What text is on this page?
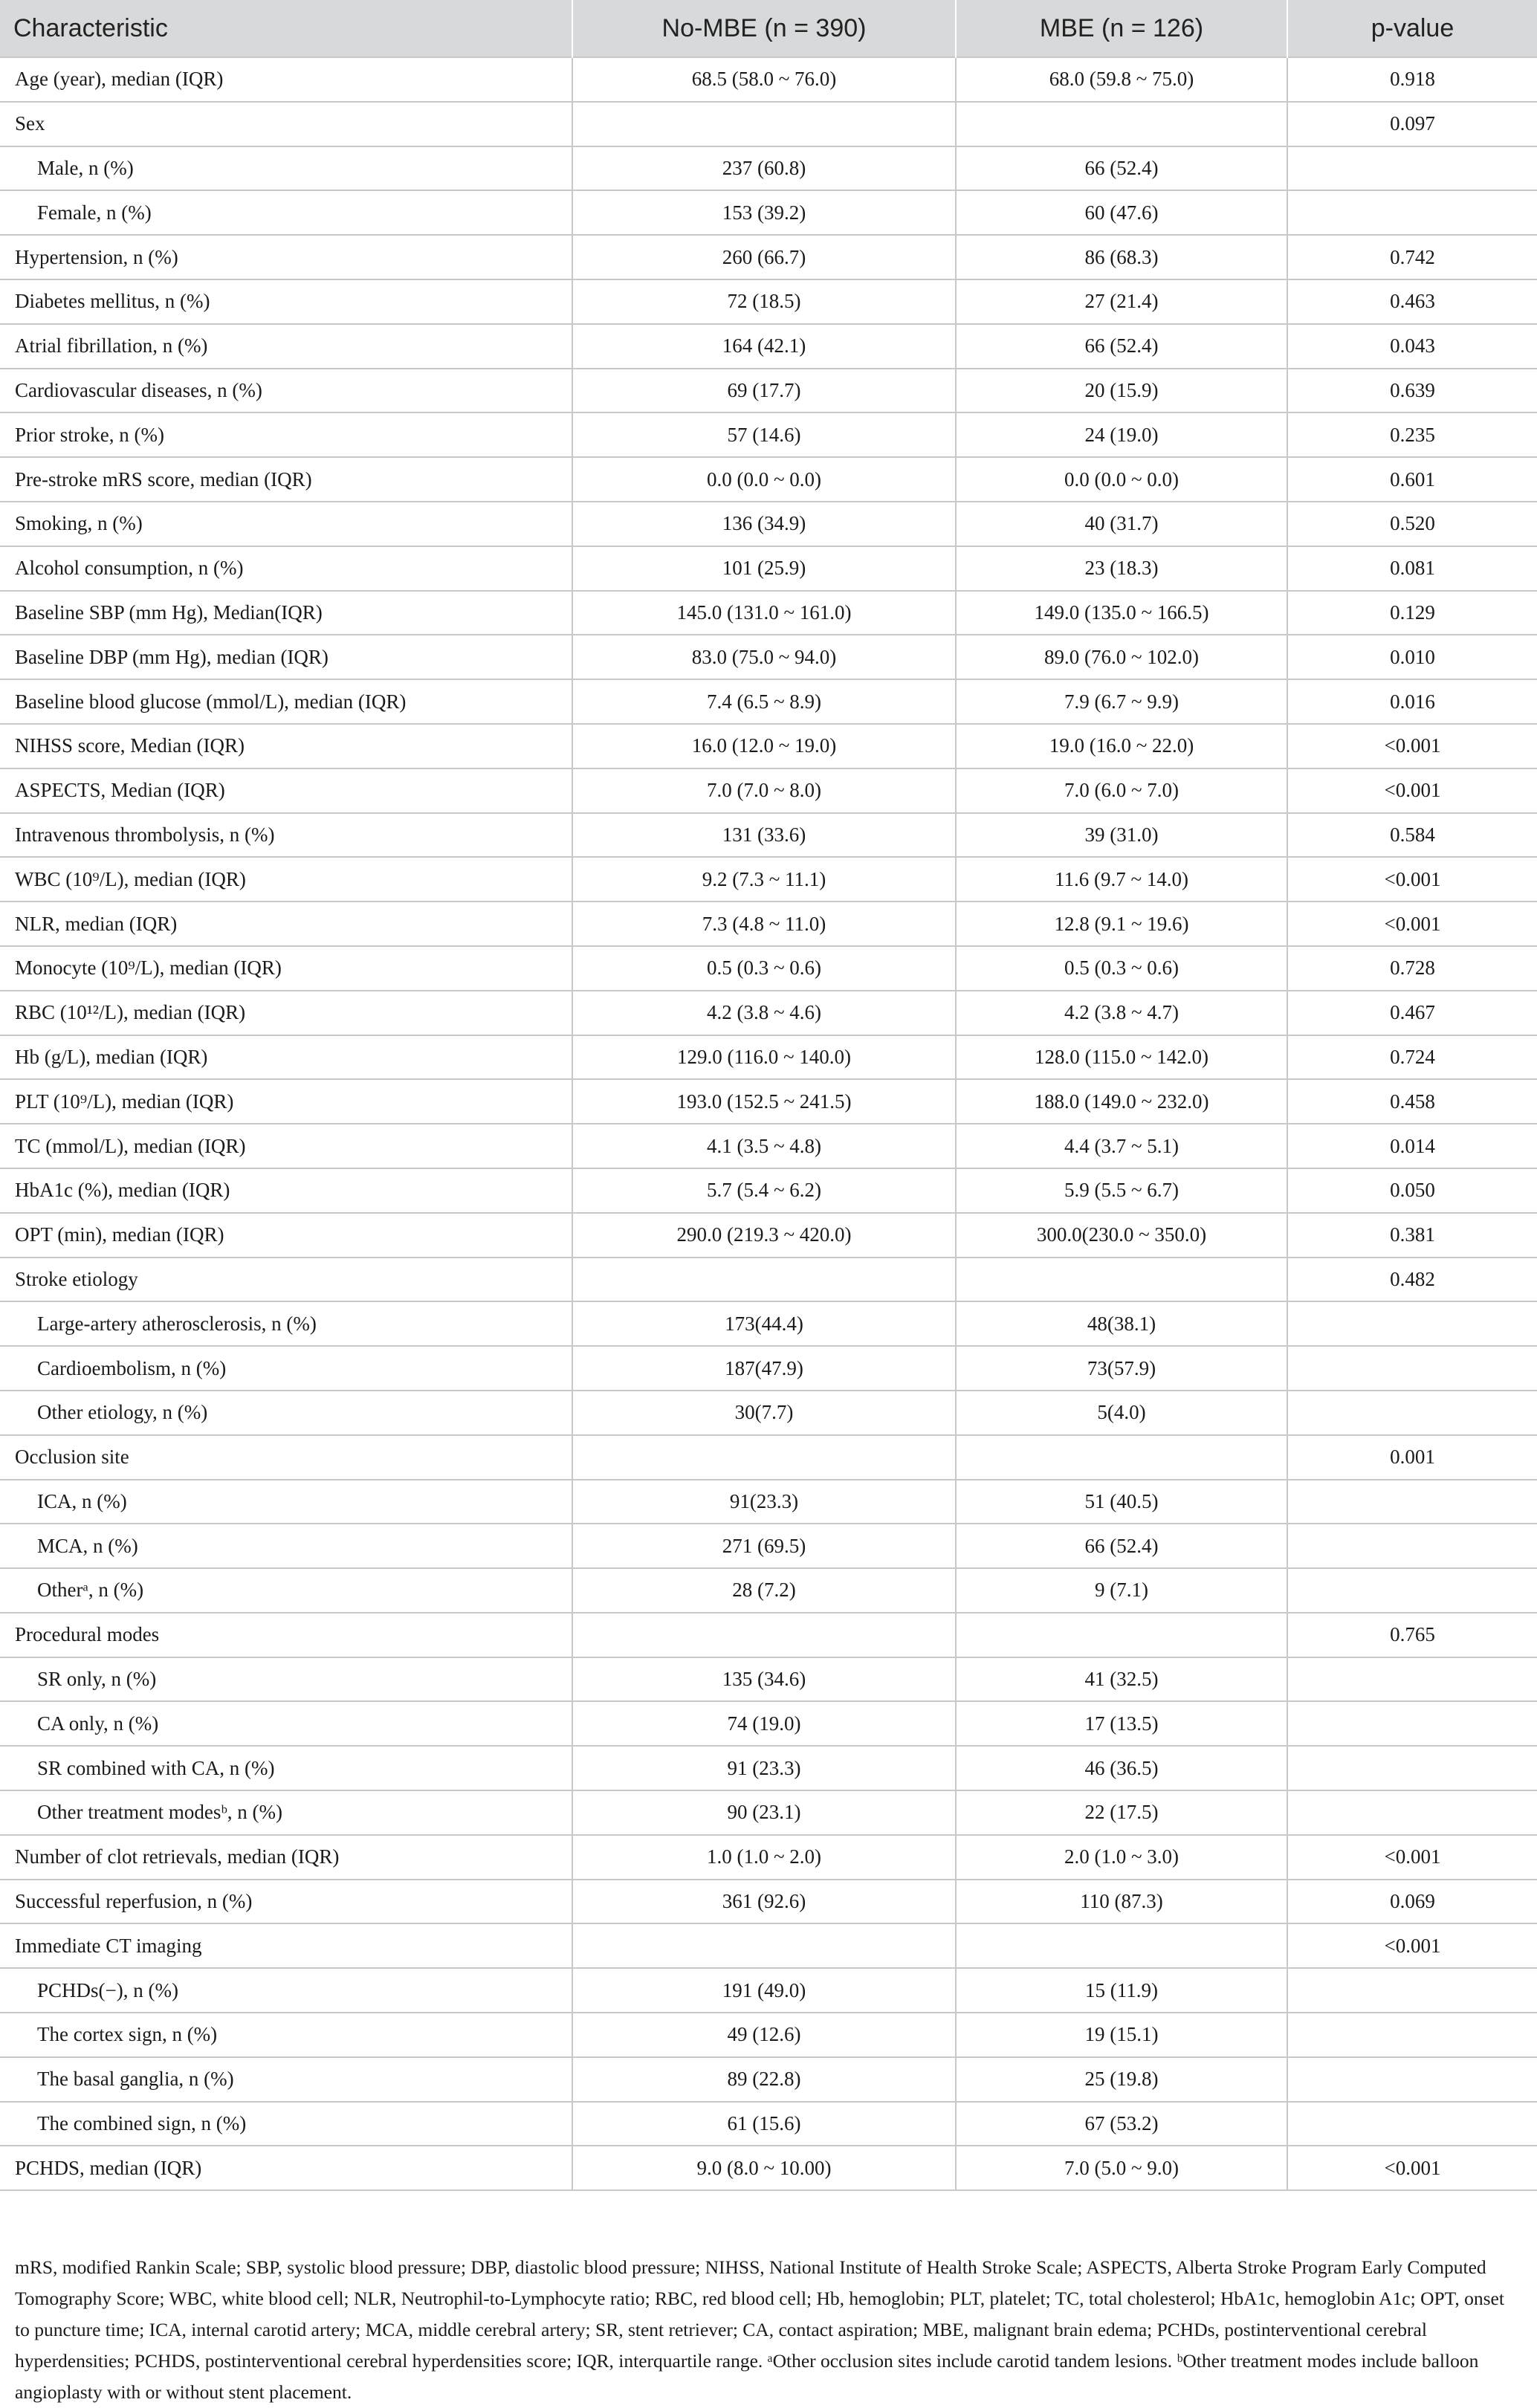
Characteristic	No-MBE (n = 390)	MBE (n = 126)	p-value
Age (year), median (IQR)	68.5 (58.0 ~ 76.0)	68.0 (59.8 ~ 75.0)	0.918
Sex			0.097
Male, n (%)	237 (60.8)	66 (52.4)	
Female, n (%)	153 (39.2)	60 (47.6)	
Hypertension, n (%)	260 (66.7)	86 (68.3)	0.742
Diabetes mellitus, n (%)	72 (18.5)	27 (21.4)	0.463
Atrial fibrillation, n (%)	164 (42.1)	66 (52.4)	0.043
Cardiovascular diseases, n (%)	69 (17.7)	20 (15.9)	0.639
Prior stroke, n (%)	57 (14.6)	24 (19.0)	0.235
Pre-stroke mRS score, median (IQR)	0.0 (0.0 ~ 0.0)	0.0 (0.0 ~ 0.0)	0.601
Smoking, n (%)	136 (34.9)	40 (31.7)	0.520
Alcohol consumption, n (%)	101 (25.9)	23 (18.3)	0.081
Baseline SBP (mm Hg), Median(IQR)	145.0 (131.0 ~ 161.0)	149.0 (135.0 ~ 166.5)	0.129
Baseline DBP (mm Hg), median (IQR)	83.0 (75.0 ~ 94.0)	89.0 (76.0 ~ 102.0)	0.010
Baseline blood glucose (mmol/L), median (IQR)	7.4 (6.5 ~ 8.9)	7.9 (6.7 ~ 9.9)	0.016
NIHSS score, Median (IQR)	16.0 (12.0 ~ 19.0)	19.0 (16.0 ~ 22.0)	<0.001
ASPECTS, Median (IQR)	7.0 (7.0 ~ 8.0)	7.0 (6.0 ~ 7.0)	<0.001
Intravenous thrombolysis, n (%)	131 (33.6)	39 (31.0)	0.584
WBC (10⁹/L), median (IQR)	9.2 (7.3 ~ 11.1)	11.6 (9.7 ~ 14.0)	<0.001
NLR, median (IQR)	7.3 (4.8 ~ 11.0)	12.8 (9.1 ~ 19.6)	<0.001
Monocyte (10⁹/L), median (IQR)	0.5 (0.3 ~ 0.6)	0.5 (0.3 ~ 0.6)	0.728
RBC (10¹²/L), median (IQR)	4.2 (3.8 ~ 4.6)	4.2 (3.8 ~ 4.7)	0.467
Hb (g/L), median (IQR)	129.0 (116.0 ~ 140.0)	128.0 (115.0 ~ 142.0)	0.724
PLT (10⁹/L), median (IQR)	193.0 (152.5 ~ 241.5)	188.0 (149.0 ~ 232.0)	0.458
TC (mmol/L), median (IQR)	4.1 (3.5 ~ 4.8)	4.4 (3.7 ~ 5.1)	0.014
HbA1c (%), median (IQR)	5.7 (5.4 ~ 6.2)	5.9 (5.5 ~ 6.7)	0.050
OPT (min), median (IQR)	290.0 (219.3 ~ 420.0)	300.0(230.0 ~ 350.0)	0.381
Stroke etiology			0.482
Large-artery atherosclerosis, n (%)	173(44.4)	48(38.1)	
Cardioembolism, n (%)	187(47.9)	73(57.9)	
Other etiology, n (%)	30(7.7)	5(4.0)	
Occlusion site			0.001
ICA, n (%)	91(23.3)	51 (40.5)	
MCA, n (%)	271 (69.5)	66 (52.4)	
Otherᵃ, n (%)	28 (7.2)	9 (7.1)	
Procedural modes			0.765
SR only, n (%)	135 (34.6)	41 (32.5)	
CA only, n (%)	74 (19.0)	17 (13.5)	
SR combined with CA, n (%)	91 (23.3)	46 (36.5)	
Other treatment modesᵇ, n (%)	90 (23.1)	22 (17.5)	
Number of clot retrievals, median (IQR)	1.0 (1.0 ~ 2.0)	2.0 (1.0 ~ 3.0)	<0.001
Successful reperfusion, n (%)	361 (92.6)	110 (87.3)	0.069
Immediate CT imaging			<0.001
PCHDs(−), n (%)	191 (49.0)	15 (11.9)	
The cortex sign, n (%)	49 (12.6)	19 (15.1)	
The basal ganglia, n (%)	89 (22.8)	25 (19.8)	
The combined sign, n (%)	61 (15.6)	67 (53.2)	
PCHDS, median (IQR)	9.0 (8.0 ~ 10.00)	7.0 (5.0 ~ 9.0)	<0.001
mRS, modified Rankin Scale; SBP, systolic blood pressure; DBP, diastolic blood pressure; NIHSS, National Institute of Health Stroke Scale; ASPECTS, Alberta Stroke Program Early Computed Tomography Score; WBC, white blood cell; NLR, Neutrophil-to-Lymphocyte ratio; RBC, red blood cell; Hb, hemoglobin; PLT, platelet; TC, total cholesterol; HbA1c, hemoglobin A1c; OPT, onset to puncture time; ICA, internal carotid artery; MCA, middle cerebral artery; SR, stent retriever; CA, contact aspiration; MBE, malignant brain edema; PCHDs, postinterventional cerebral hyperdensities; PCHDS, postinterventional cerebral hyperdensities score; IQR, interquartile range. ᵃOther occlusion sites include carotid tandem lesions. ᵇOther treatment modes include balloon angioplasty with or without stent placement.
